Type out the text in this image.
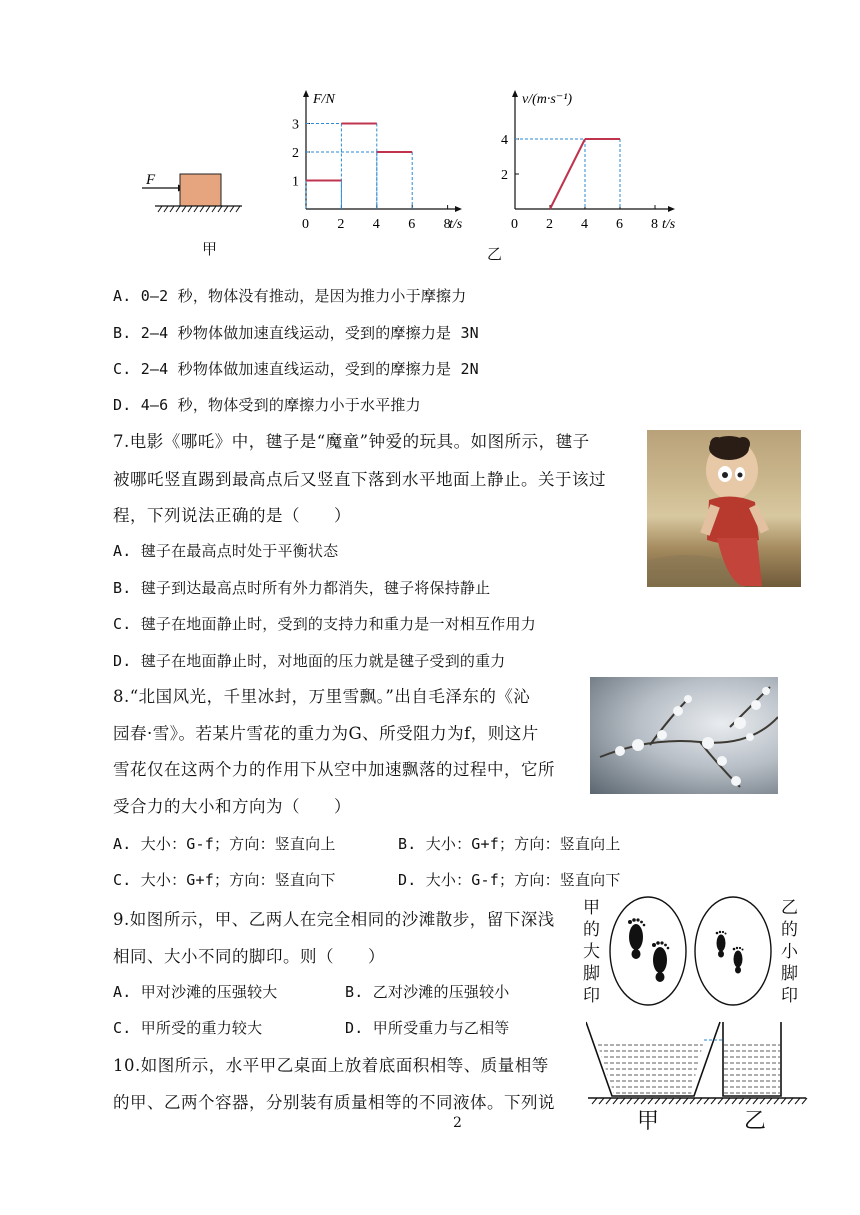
F
甲	乙
F/N
t/s
0 2 4 6 8
1
2
3
v/(m·s⁻¹)
t/s
0 2 4 6 8
2
4
A. 0—2 秒，物体没有推动，是因为推力小于摩擦力
B. 2—4 秒物体做加速直线运动，受到的摩擦力是 3N
C. 2—4 秒物体做加速直线运动，受到的摩擦力是 2N
D. 4—6 秒，物体受到的摩擦力小于水平推力
7.电影《哪吒》中，毽子是“魔童”钟爱的玩具。如图所示，毽子
被哪吒竖直踢到最高点后又竖直下落到水平地面上静止。关于该过
程，下列说法正确的是（　　）
A. 毽子在最高点时处于平衡状态
B. 毽子到达最高点时所有外力都消失，毽子将保持静止
C. 毽子在地面静止时，受到的支持力和重力是一对相互作用力
D. 毽子在地面静止时，对地面的压力就是毽子受到的重力
8.“北国风光，千里冰封，万里雪飘。”出自毛泽东的《沁
园春·雪》。若某片雪花的重力为G、所受阻力为f，则这片
雪花仅在这两个力的作用下从空中加速飘落的过程中，它所
受合力的大小和方向为（　　）
A. 大小：G-f；方向：竖直向上	B. 大小：G+f；方向：竖直向上
C. 大小：G+f；方向：竖直向下	D. 大小：G-f；方向：竖直向下
9.如图所示，甲、乙两人在完全相同的沙滩散步，留下深浅
相同、大小不同的脚印。则（　　）
A. 甲对沙滩的压强较大	B. 乙对沙滩的压强较小
C. 甲所受的重力较大	D. 甲所受重力与乙相等
甲
的
大
脚
印
乙
的
小
脚
印
10.如图所示，水平甲乙桌面上放着底面积相等、质量相等
的甲、乙两个容器，分别装有质量相等的不同液体。下列说
甲	乙
2
